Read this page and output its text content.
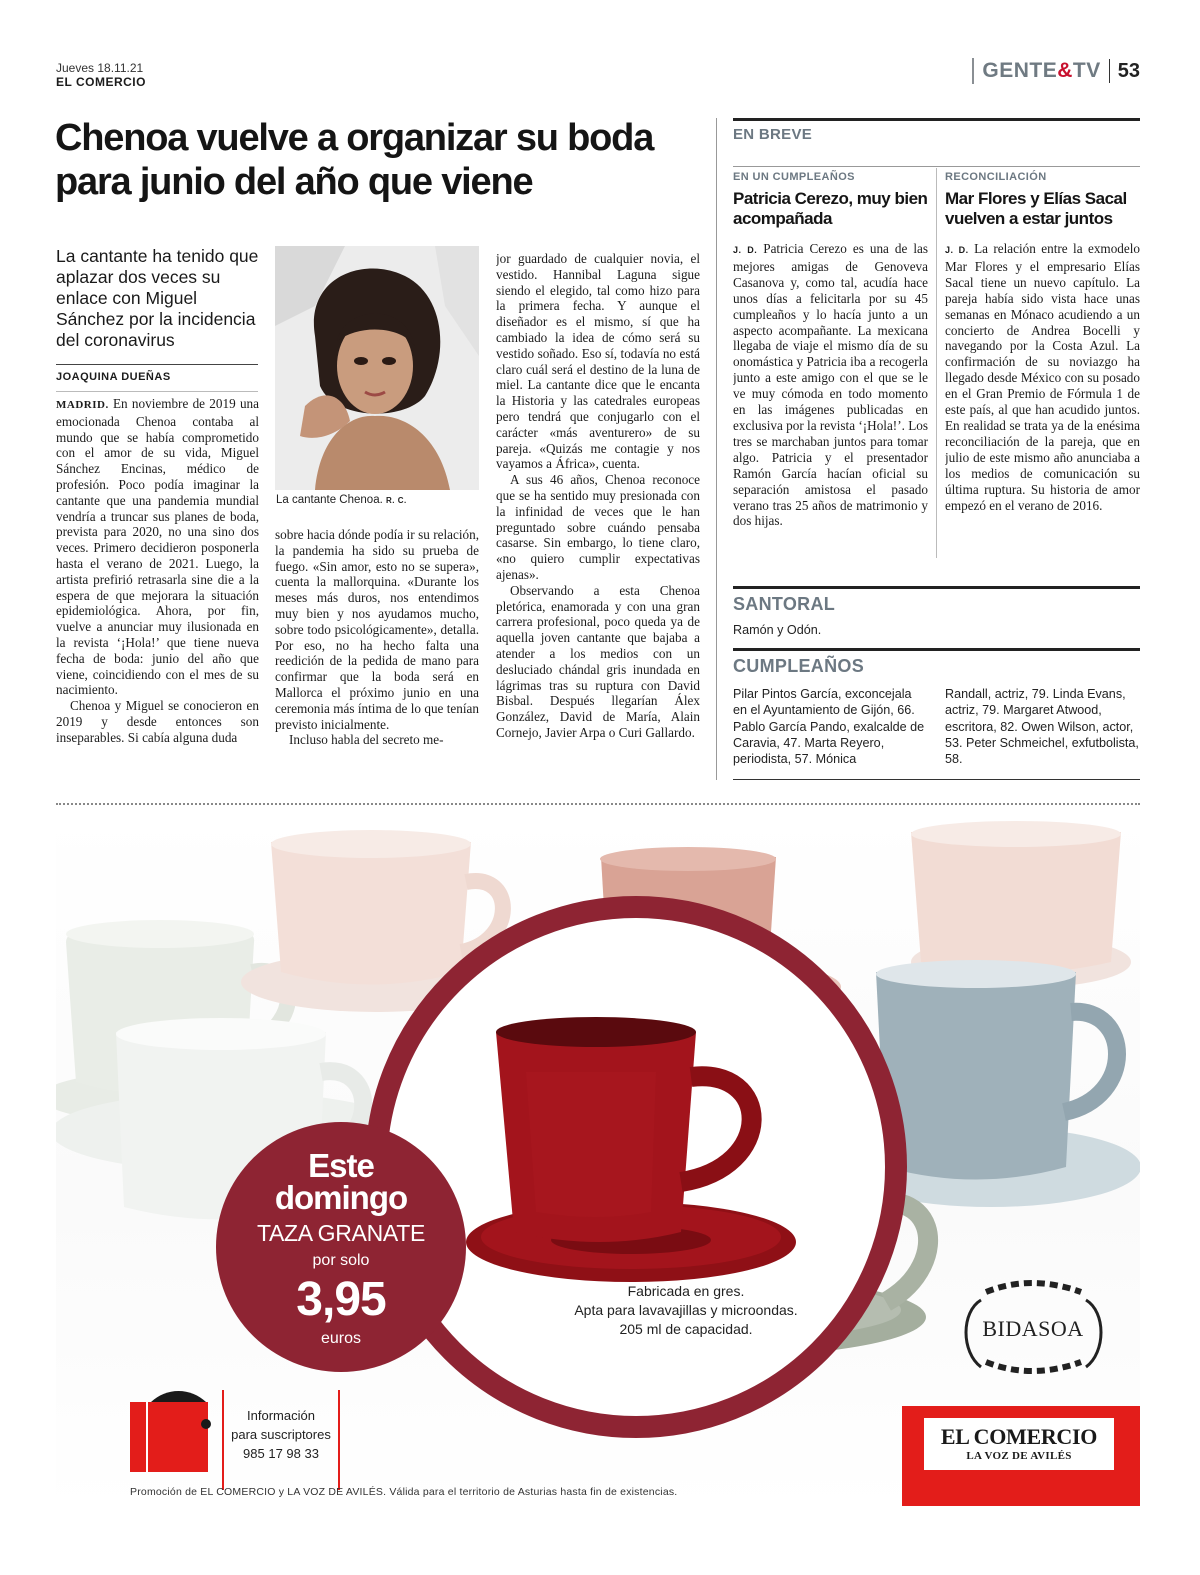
Jueves 18.11.21
EL COMERCIO	GENTE&TV 53
Chenoa vuelve a organizar su boda para junio del año que viene
La cantante ha tenido que aplazar dos veces su enlace con Miguel Sánchez por la incidencia del coronavirus
JOAQUINA DUEÑAS

MADRID. En noviembre de 2019 una emocionada Chenoa contaba al mundo que se había comprometido con el amor de su vida, Miguel Sánchez Encinas, médico de profesión. Poco podía imaginar la cantante que una pandemia mundial vendría a truncar sus planes de boda, prevista para 2020, no una sino dos veces. Primero decidieron posponerla hasta el verano de 2021. Luego, la artista prefirió retrasarla sine die a la espera de que mejorara la situación epidemiológica. Ahora, por fin, vuelve a anunciar muy ilusionada en la revista ‘¡Hola!’ que tiene nueva fecha de boda: junio del año que viene, coincidiendo con el mes de su nacimiento.

Chenoa y Miguel se conocieron en 2019 y desde entonces son inseparables. Si cabía alguna duda

La cantante Chenoa. R. C.

sobre hacia dónde podía ir su relación, la pandemia ha sido su prueba de fuego. «Sin amor, esto no se supera», cuenta la mallorquina. «Durante los meses más duros, nos entendimos muy bien y nos ayudamos mucho, sobre todo psicológicamente», detalla. Por eso, no ha hecho falta una reedición de la pedida de mano para confirmar que la boda será en Mallorca el próximo junio en una ceremonia más íntima de lo que tenían previsto inicialmente.

Incluso habla del secreto me-

jor guardado de cualquier novia, el vestido. Hannibal Laguna sigue siendo el elegido, tal como hizo para la primera fecha. Y aunque el diseñador es el mismo, sí que ha cambiado la idea de cómo será su vestido soñado. Eso sí, todavía no está claro cuál será el destino de la luna de miel. La cantante dice que le encanta la Historia y las catedrales europeas pero tendrá que conjugarlo con el carácter «más aventurero» de su pareja. «Quizás me contagie y nos vayamos a África», cuenta.

A sus 46 años, Chenoa reconoce que se ha sentido muy presionada con la infinidad de veces que le han preguntado sobre cuándo pensaba casarse. Sin embargo, lo tiene claro, «no quiero cumplir expectativas ajenas».

Observando a esta Chenoa pletórica, enamorada y con una gran carrera profesional, poco queda ya de aquella joven cantante que bajaba a atender a los medios con un desluciado chándal gris inundada en lágrimas tras su ruptura con David Bisbal. Después llegarían Álex González, David de María, Alain Cornejo, Javier Arpa o Curi Gallardo.

EN BREVE
EN UN CUMPLEAÑOS
Patricia Cerezo, muy bien acompañada
J. D. Patricia Cerezo es una de las mejores amigas de Genoveva Casanova y, como tal, acudía hace unos días a felicitarla por su 45 cumpleaños y lo hacía junto a un aspecto acompañante. La mexicana llegaba de viaje el mismo día de su onomástica y Patricia iba a recogerla junto a este amigo con el que se le ve muy cómoda en todo momento en las imágenes publicadas en exclusiva por la revista ‘¡Hola!’. Los tres se marchaban juntos para tomar algo. Patricia y el presentador Ramón García hacían oficial su separación amistosa el pasado verano tras 25 años de matrimonio y dos hijas.
RECONCILIACIÓN
Mar Flores y Elías Sacal vuelven a estar juntos
J. D. La relación entre la exmodelo Mar Flores y el empresario Elías Sacal tiene un nuevo capítulo. La pareja había sido vista hace unas semanas en Mónaco acudiendo a un concierto de Andrea Bocelli y navegando por la Costa Azul. La confirmación de su noviazgo ha llegado desde México con su posado en el Gran Premio de Fórmula 1 de este país, al que han acudido juntos. En realidad se trata ya de la enésima reconciliación de la pareja, que en julio de este mismo año anunciaba a los medios de comunicación su última ruptura. Su historia de amor empezó en el verano de 2016.
SANTORAL
Ramón y Odón.
CUMPLEAÑOS
Pilar Pintos García, exconcejala en el Ayuntamiento de Gijón, 66. Pablo García Pando, exalcalde de Caravia, 47. Marta Reyero, periodista, 57. Mónica
Randall, actriz, 79. Linda Evans, actriz, 79. Margaret Atwood, escritora, 82. Owen Wilson, actor, 53. Peter Schmeichel, exfutbolista, 58.
Este
domingo
TAZA GRANATE
por solo
3,95
euros
Fabricada en gres.
Apta para lavavajillas y microondas.
205 ml de capacidad.	BIDASOA
Información
para suscriptores
985 17 98 33
EL COMERCIO
LA VOZ DE AVILÉS
Promoción de EL COMERCIO y LA VOZ DE AVILÉS. Válida para el territorio de Asturias hasta fin de existencias.
